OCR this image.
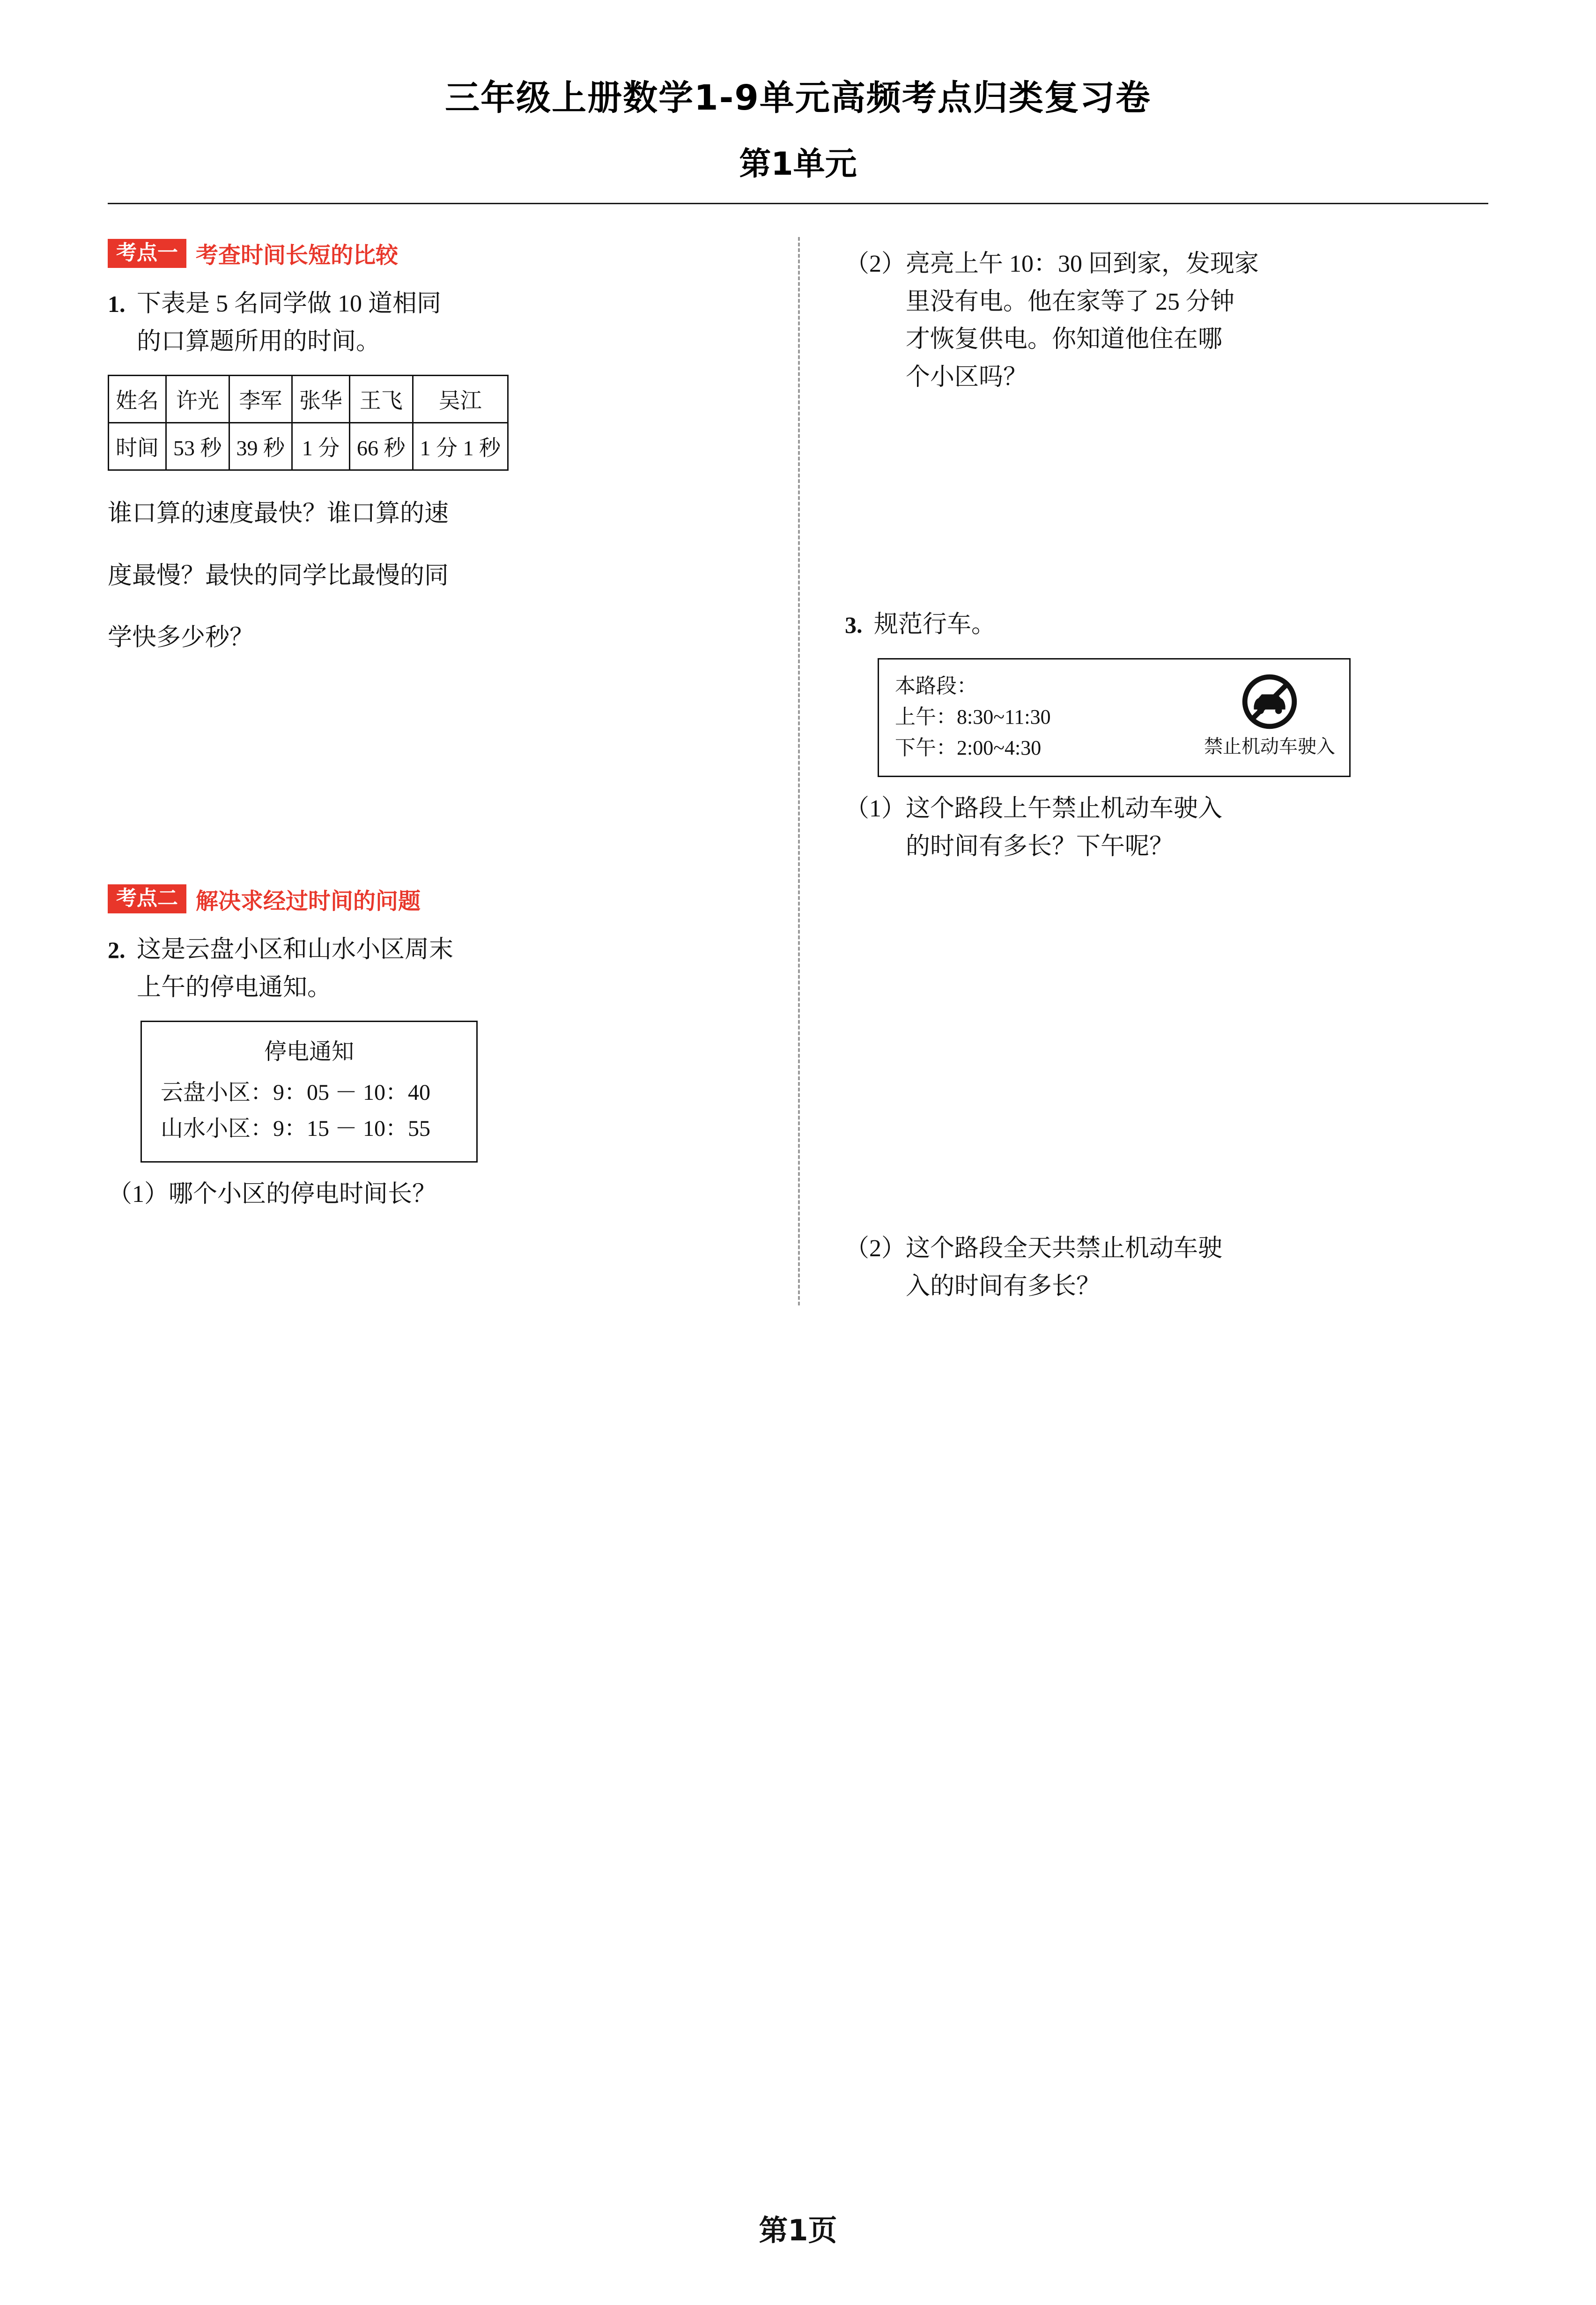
三年级上册数学1-9单元高频考点归类复习卷
第1单元
考点一 考查时间长短的比较
1. 下表是 5 名同学做 10 道相同

的口算题所用的时间。

姓名	许光	李军	张华	王飞	吴江
时间	53 秒	39 秒	1 分	66 秒	1 分 1 秒

谁口算的速度最快？谁口算的速

度最慢？最快的同学比最慢的同

学快多少秒？

考点二 解决求经过时间的问题
2. 这是云盘小区和山水小区周末

上午的停电通知。

停电通知
云盘小区：9：05 － 10：40
山水小区：9：15 － 10：55
（1） 哪个小区的停电时间长？
（2） 亮亮上午 10：30 回到家，发现家
里没有电。他在家等了 25 分钟
才恢复供电。你知道他住在哪
个小区吗？
3. 规范行车。

本路段：
上午：8:30~11:30
下午：2:00~4:30	禁止机动车驶入
（1） 这个路段上午禁止机动车驶入
的时间有多长？下午呢？
（2） 这个路段全天共禁止机动车驶
入的时间有多长？
第1页
